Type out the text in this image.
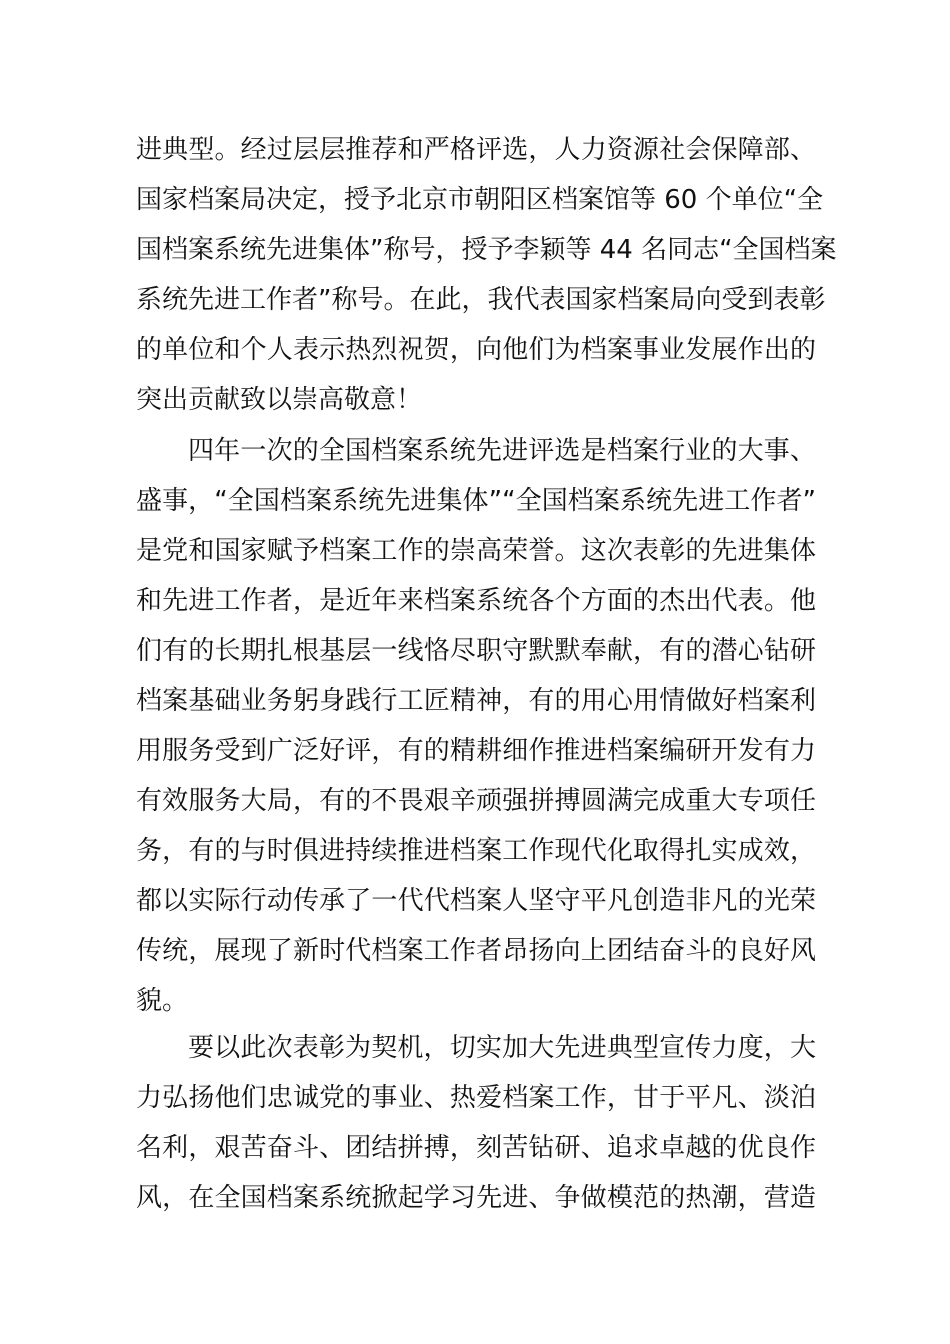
进典型。经过层层推荐和严格评选，人力资源社会保障部、
国家档案局决定，授予北京市朝阳区档案馆等 60 个单位“全
国档案系统先进集体”称号，授予李颖等 44 名同志“全国档案
系统先进工作者”称号。在此，我代表国家档案局向受到表彰
的单位和个人表示热烈祝贺，向他们为档案事业发展作出的
突出贡献致以崇高敬意！
四年一次的全国档案系统先进评选是档案行业的大事、
盛事，“全国档案系统先进集体”“全国档案系统先进工作者”
是党和国家赋予档案工作的崇高荣誉。这次表彰的先进集体
和先进工作者，是近年来档案系统各个方面的杰出代表。他
们有的长期扎根基层一线恪尽职守默默奉献，有的潜心钻研
档案基础业务躬身践行工匠精神，有的用心用情做好档案利
用服务受到广泛好评，有的精耕细作推进档案编研开发有力
有效服务大局，有的不畏艰辛顽强拼搏圆满完成重大专项任
务，有的与时俱进持续推进档案工作现代化取得扎实成效，
都以实际行动传承了一代代档案人坚守平凡创造非凡的光荣
传统，展现了新时代档案工作者昂扬向上团结奋斗的良好风
貌。
要以此次表彰为契机，切实加大先进典型宣传力度，大
力弘扬他们忠诚党的事业、热爱档案工作，甘于平凡、淡泊
名利，艰苦奋斗、团结拼搏，刻苦钻研、追求卓越的优良作
风，在全国档案系统掀起学习先进、争做模范的热潮，营造
